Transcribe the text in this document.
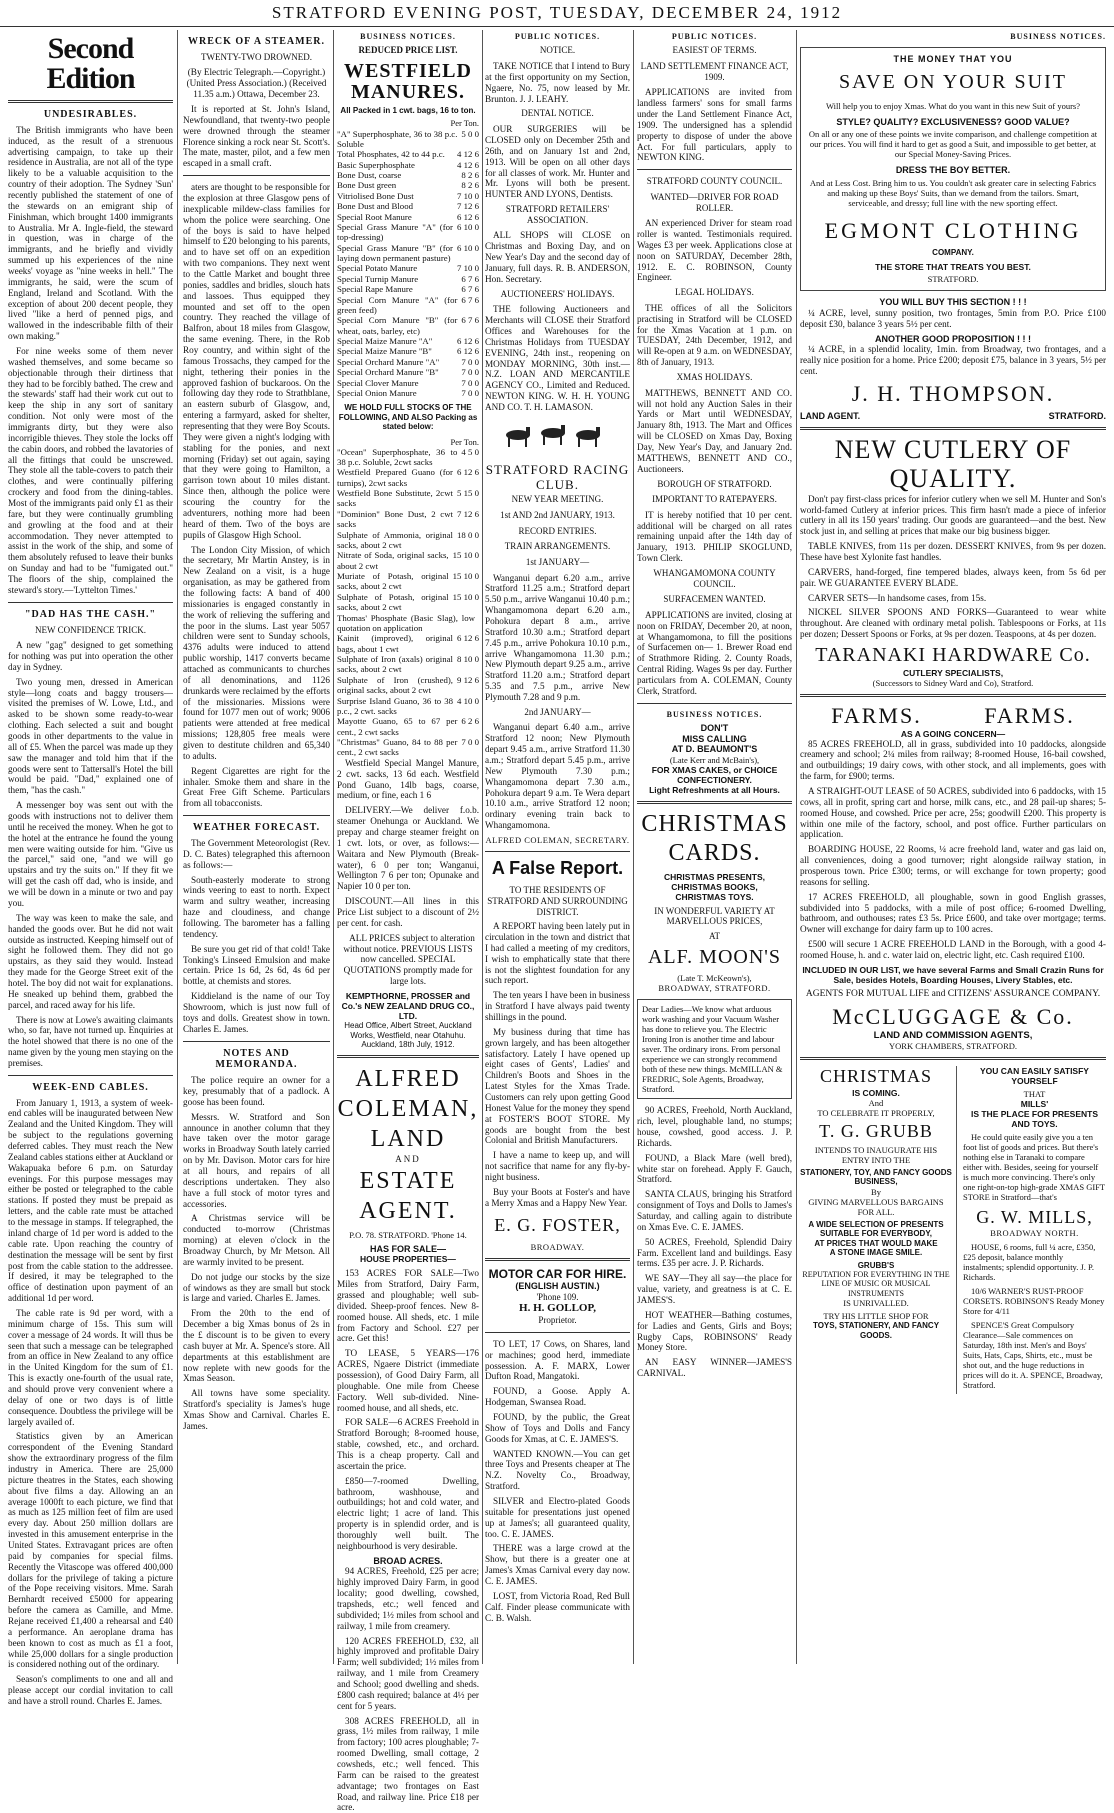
STRATFORD EVENING POST, TUESDAY, DECEMBER 24, 1912
Second Edition
UNDESIRABLES.

The British immigrants who have been induced, as the result of a strenuous advertising campaign, to take up their residence in Australia, are not all of the type likely to be a valuable acquisition to the country of their adoption. The Sydney 'Sun' recently published the statement of one of the stewards on an emigrant ship of Finishman, which brought 1400 immigrants to Australia. Mr A. Ingle-field, the steward in question, was in charge of the immigrants, and he briefly and vividly summed up his experiences of the nine weeks' voyage as "nine weeks in hell." The immigrants, he said, were the scum of England, Ireland and Scotland. With the exception of about 200 decent people, they lived "like a herd of penned pigs, and wallowed in the indescribable filth of their own making."

For nine weeks some of them never washed themselves, and some became so objectionable through their dirtiness that they had to be forcibly bathed. The crew and the stewards' staff had their work cut out to keep the ship in any sort of sanitary condition. Not only were most of the immigrants dirty, but they were also incorrigible thieves. They stole the locks off the cabin doors, and robbed the lavatories of all the fittings that could be unscrewed. They stole all the table-covers to patch their clothes, and were continually pilfering crockery and food from the dining-tables. Most of the immigrants paid only £1 as their fare, but they were continually grumbling and growling at the food and at their accommodation. They never attempted to assist in the work of the ship, and some of them absolutely refused to leave their bunks on Sunday and had to be "fumigated out." The floors of the ship, complained the steward's story.—'Lyttelton Times.'

"DAD HAS THE CASH."
NEW CONFIDENCE TRICK.

A new "gag" designed to get something for nothing was put into operation the other day in Sydney.

Two young men, dressed in American style—long coats and baggy trousers—visited the premises of W. Lowe, Ltd., and asked to be shown some ready-to-wear clothing. Each selected a suit and bought goods in other departments to the value in all of £5. When the parcel was made up they saw the manager and told him that if the goods were sent to Tattersall's Hotel the bill would be paid. "Dad," explained one of them, "has the cash."

A messenger boy was sent out with the goods with instructions not to deliver them until he received the money. When he got to the hotel at the entrance he found the young men were waiting outside for him. "Give us the parcel," said one, "and we will go upstairs and try the suits on." If they fit we will get the cash off dad, who is inside, and we will be down in a minute or two and pay you.

The way was keen to make the sale, and handed the goods over. But he did not wait outside as instructed. Keeping himself out of sight he followed them. They did not go upstairs, as they said they would. Instead they made for the George Street exit of the hotel. The boy did not wait for explanations. He sneaked up behind them, grabbed the parcel, and raced away for his life.

There is now at Lowe's awaiting claimants who, so far, have not turned up. Enquiries at the hotel showed that there is no one of the name given by the young men staying on the premises.

WEEK-END CABLES.

From January 1, 1913, a system of week-end cables will be inaugurated between New Zealand and the United Kingdom. They will be subject to the regulations governing deferred cables. They must reach the New Zealand cables stations either at Auckland or Wakapuaka before 6 p.m. on Saturday evenings. For this purpose messages may either be posted or telegraphed to the cable stations. If posted they must be prepaid as letters, and the cable rate must be attached to the message in stamps. If telegraphed, the inland charge of 1d per word is added to the cable rate. Upon reaching the country of destination the message will be sent by first post from the cable station to the addressee. If desired, it may be telegraphed to the office of destination upon payment of an additional 1d per word.

The cable rate is 9d per word, with a minimum charge of 15s. This sum will cover a message of 24 words. It will thus be seen that such a message can be telegraphed from an office in New Zealand to any office in the United Kingdom for the sum of £1. This is exactly one-fourth of the usual rate, and should prove very convenient where a delay of one or two days is of little consequence. Doubtless the privilege will be largely availed of.

Statistics given by an American correspondent of the Evening Standard show the extraordinary progress of the film industry in America. There are 25,000 picture theatres in the States, each showing about five films a day. Allowing an an average 1000ft to each picture, we find that as much as 125 million feet of film are used every day. About 250 million dollars are invested in this amusement enterprise in the United States. Extravagant prices are often paid by companies for special films. Recently the Vitascope was offered 400,000 dollars for the privilege of taking a picture of the Pope receiving visitors. Mme. Sarah Bernhardt received £5000 for appearing before the camera as Camille, and Mme. Rejane received £1,400 a rehearsal and £40 a performance. An aeroplane drama has been known to cost as much as £1 a foot, while 25,000 dollars for a single production is considered nothing out of the ordinary.

Season's compliments to one and all and please accept our cordial invitation to call and have a stroll round. Charles E. James.

WRECK OF A STEAMER.
TWENTY-TWO DROWNED.

(By Electric Telegraph.—Copyright.) (United Press Association.) (Received 11.35 a.m.) Ottawa, December 23.

It is reported at St. John's Island, Newfoundland, that twenty-two people were drowned through the steamer Florence sinking a rock near St. Scott's. The mate, master, pilot, and a few men escaped in a small craft.

aters are thought to be responsible for the explosion at three Glasgow pens of inexplicable mildew-class families for whom the police were searching. One of the boys is said to have helped himself to £20 belonging to his parents, and to have set off on an expedition with two companions. They next went to the Cattle Market and bought three ponies, saddles and bridles, slouch hats and lassoes. Thus equipped they mounted and set off to the open country. They reached the village of Balfron, about 18 miles from Glasgow, the same evening. There, in the Rob Roy country, and within sight of the famous Trossachs, they camped for the night, tethering their ponies in the approved fashion of buckaroos. On the following day they rode to Strathblane, an eastern suburb of Glasgow, and, entering a farmyard, asked for shelter, representing that they were Boy Scouts. They were given a night's lodging with stabling for the ponies, and next morning (Friday) set out again, saying that they were going to Hamilton, a garrison town about 10 miles distant. Since then, although the police were scouring the country for the adventurers, nothing more had been heard of them. Two of the boys are pupils of Glasgow High School.

The London City Mission, of which the secretary, Mr Martin Anstey, is in New Zealand on a visit, is a huge organisation, as may be gathered from the following facts: A band of 400 missionaries is engaged constantly in the work of relieving the suffering and the poor in the slums. Last year 5057 children were sent to Sunday schools, 4376 adults were induced to attend public worship, 1417 converts became attached as communicants to churches of all denominations, and 1126 drunkards were reclaimed by the efforts of the missionaries. Missions were found for 1077 men out of work; 9006 patients were attended at free medical missions; 128,805 free meals were given to destitute children and 65,340 to adults.

Regent Cigarettes are right for the inhaler. Smoke them and share in the Great Free Gift Scheme. Particulars from all tobacconists.

WEATHER FORECAST.

The Government Meteorologist (Rev. D. C. Bates) telegraphed this afternoon as follows:—

South-easterly moderate to strong winds veering to east to north. Expect warm and sultry weather, increasing haze and cloudiness, and change following. The barometer has a falling tendency.

Be sure you get rid of that cold! Take Tonking's Linseed Emulsion and make certain. Price 1s 6d, 2s 6d, 4s 6d per bottle, at chemists and stores.

Kiddieland is the name of our Toy Showroom, which is just now full of toys and dolls. Greatest show in town. Charles E. James.

NOTES AND MEMORANDA.

The police require an owner for a key, presumably that of a padlock. A goose has been found.

Messrs. W. Stratford and Son announce in another column that they have taken over the motor garage works in Broadway South lately carried on by Mr. Davison. Motor cars for hire at all hours, and repairs of all descriptions undertaken. They also have a full stock of motor tyres and accessories.

A Christmas service will be conducted to-morrow (Christmas morning) at eleven o'clock in the Broadway Church, by Mr Metson. All are warmly invited to be present.

Do not judge our stocks by the size of windows as they are small but stock is large and varied. Charles E. James.

From the 20th to the end of December a big Xmas bonus of 2s in the £ discount is to be given to every cash buyer at Mr. A. Spence's store. All departments at this establishment are now replete with new goods for the Xmas Season.

All towns have some speciality. Stratford's speciality is James's huge Xmas Show and Carnival. Charles E. James.

BUSINESS NOTICES.
REDUCED PRICE LIST.
WESTFIELD MANURES.
All Packed in 1 cwt. bags, 16 to ton.
Per Ton.
"A" Superphosphate, 36 to 38 p.c. Soluble
5 0 0
Total Phosphates, 42 to 44 p.c. 4 12 6
Basic Superphosphate	4 12 6
Bone Dust, coarse	8 2 6
Bone Dust green	8 2 6
Vitriolised Bone Dust	7 10 0
Bone Dust and Blood	7 12 6
Special Root Manure	6 12 6
Special Grass Manure "A" (for top-dressing)
6 10 0
Special Grass Manure "B" (for laying down permanent pasture)
6 10 0
Special Potato Manure	7 10 0
Special Turnip Manure	6 7 6
Special Rape Manure	6 7 6
Special Corn Manure "A" (for green feed)
6 7 6
Special Corn Manure "B" (for wheat, oats, barley, etc)
6 7 6
Special Maize Manure "A"	6 12 6
Special Maize Manure "B"	6 12 6
Special Orchard Manure "A"	7 0 0
Special Orchard Manure "B"	7 0 0
Special Clover Manure	7 0 0
Special Onion Manure	7 0 0
WE HOLD FULL STOCKS OF THE FOLLOWING, AND ALSO Packing as stated below:
Per Ton.
"Ocean" Superphosphate, 36 to 38 p.c. Soluble, 2cwt sacks
4 5 0
Westfield Prepared Guano (for turnips), 2cwt sacks
6 12 6
Westfield Bone Substitute, 2cwt sacks
5 15 0
"Dominion" Bone Dust, 2 cwt sacks
7 12 6
Sulphate of Ammonia, original sacks, about 2 cwt
18 0 0
Nitrate of Soda, original sacks, about 2 cwt
15 10 0
Muriate of Potash, original sacks, about 2 cwt
15 10 0
Sulphate of Potash, original sacks, about 2 cwt
15 10 0
Thomas' Phosphate (Basic Slag), low quotation on application
Kainit (improved), original bags, about 1 cwt
6 12 6
Sulphate of Iron (axals) original sacks, about 2 cwt
8 10 0
Sulphate of Iron (crushed), original sacks, about 2 cwt
9 12 6
Surprise Island Guano, 36 to 38 p.c., 2 cwt. sacks
4 10 0
Mayotte Guano, 65 to 67 per cent., 2 cwt sacks
6 2 6
"Christmas" Guano, 84 to 88 per cent., 2 cwt sacks
7 0 0

Westfield Special Mangel Manure, 2 cwt. sacks, 13 6d each. Westfield Pond Guano, 14lb bags, coarse, medium, or fine, each 1 6

DELIVERY.—We deliver f.o.b. steamer Onehunga or Auckland. We prepay and charge steamer freight on 1 cwt. lots, or over, as follows:—Waitara and New Plymouth (Break-water), 6 0 per ton; Wanganui, Wellington 7 6 per ton; Opunake and Napier 10 0 per ton.

DISCOUNT.—All lines in this Price List subject to a discount of 2½ per cent. for cash.

ALL PRICES subject to alteration without notice. PREVIOUS LISTS now cancelled. SPECIAL QUOTATIONS promptly made for large lots.

KEMPTHORNE, PROSSER and Co.'s NEW ZEALAND DRUG CO., LTD.
Head Office, Albert Street, Auckland Works, Westfield, near Otahuhu. Auckland, 18th July, 1912.
ALFRED
COLEMAN,
LAND
AND
ESTATE
AGENT.
P.O. 78. STRATFORD. 'Phone 14.
HAS FOR SALE—
HOUSE PROPERTIES—

153 ACRES FOR SALE—Two Miles from Stratford, Dairy Farm, grassed and ploughable; well sub-divided. Sheep-proof fences. New 8-roomed house. All sheds, etc. 1 mile from Factory and School. £27 per acre. Get this!

TO LEASE, 5 YEARS—176 ACRES, Ngaere District (immediate possession), of Good Dairy Farm, all ploughable. One mile from Cheese Factory. Well sub-divided. Nine-roomed house, and all sheds, etc.

FOR SALE—6 ACRES Freehold in Stratford Borough; 8-roomed house, stable, cowshed, etc., and orchard. This is a cheap property. Call and ascertain the price.

£850—7-roomed Dwelling, bathroom, washhouse, and outbuildings; hot and cold water, and electric light; 1 acre of land. This property is in splendid order, and is thoroughly well built. The neighbourhood is very desirable.

BROAD ACRES.

94 ACRES, Freehold, £25 per acre; highly improved Dairy Farm, in good locality; good dwelling, cowshed, trapsheds, etc.; well fenced and subdivided; 1½ miles from school and railway, 1 mile from creamery.

120 ACRES FREEHOLD, £32, all highly improved and profitable Dairy Farm; well subdivided; 1½ miles from railway, and 1 mile from Creamery and School; good dwelling and sheds. £800 cash required; balance at 4½ per cent for 5 years.

308 ACRES FREEHOLD, all in grass, 1½ miles from railway, 1 mile from factory; 100 acres ploughable; 7-roomed Dwelling, small cottage, 2 cowsheds, etc.; well fenced. This Farm can be raised to the greatest advantage; two frontages on East Road, and railway line. Price £18 per acre.

PUBLIC NOTICES.
NOTICE.

TAKE NOTICE that I intend to Bury at the first opportunity on my Section, Ngaere, No. 75, now leased by Mr. Brunton. J. J. LEAHY.

DENTAL NOTICE.

OUR SURGERIES will be CLOSED only on December 25th and 26th, and on January 1st and 2nd, 1913. Will be open on all other days for all classes of work. Mr. Hunter and Mr. Lyons will both be present. HUNTER AND LYONS, Dentists.

STRATFORD RETAILERS' ASSOCIATION.

ALL SHOPS will CLOSE on Christmas and Boxing Day, and on New Year's Day and the second day of January, full days. R. B. ANDERSON, Hon. Secretary.

AUCTIONEERS' HOLIDAYS.

THE following Auctioneers and Merchants will CLOSE their Stratford Offices and Warehouses for the Christmas Holidays from TUESDAY EVENING, 24th inst., reopening on MONDAY MORNING, 30th inst.— N.Z. LOAN AND MERCANTILE AGENCY CO., Limited and Reduced. NEWTON KING. W. H. H. YOUNG AND CO. T. H. LAMASON.

STRATFORD RACING CLUB.
NEW YEAR MEETING.
1st AND 2nd JANUARY, 1913.
RECORD ENTRIES.
TRAIN ARRANGEMENTS.
1st JANUARY—

Wanganui depart 6.20 a.m., arrive Stratford 11.25 a.m.; Stratford depart 5.50 p.m., arrive Wanganui 10.40 p.m.; Whangamomona depart 6.20 a.m., Pohokura depart 8 a.m., arrive Stratford 10.30 a.m.; Stratford depart 7.45 p.m., arrive Pohokura 10.10 p.m., arrive Whangamomona 11.30 p.m.; New Plymouth depart 9.25 a.m., arrive Stratford 11.20 a.m.; Stratford depart 5.35 and 7.5 p.m., arrive New Plymouth 7.28 and 9 p.m.

2nd JANUARY—

Wanganui depart 6.40 a.m., arrive Stratford 12 noon; New Plymouth depart 9.45 a.m., arrive Stratford 11.30 a.m.; Stratford depart 5.45 p.m., arrive New Plymouth 7.30 p.m.; Whangamomona depart 7.30 a.m., Pohokura depart 9 a.m. Te Wera depart 10.10 a.m., arrive Stratford 12 noon; ordinary evening train back to Whangamomona.

ALFRED COLEMAN, SECRETARY.
A False Report.
TO THE RESIDENTS OF STRATFORD AND SURROUNDING DISTRICT.

A REPORT having been lately put in circulation in the town and district that I had called a meeting of my creditors, I wish to emphatically state that there is not the slightest foundation for any such report.

The ten years I have been in business in Stratford I have always paid twenty shillings in the pound.

My business during that time has grown largely, and has been altogether satisfactory. Lately I have opened up eight cases of Gents', Ladies' and Children's Boots and Shoes in the Latest Styles for the Xmas Trade. Customers can rely upon getting Good Honest Value for the money they spend at FOSTER'S BOOT STORE. My goods are bought from the best Colonial and British Manufacturers.

I have a name to keep up, and will not sacrifice that name for any fly-by-night business.

Buy your Boots at Foster's and have a Merry Xmas and a Happy New Year.

E. G. FOSTER,
BROADWAY.
MOTOR CAR FOR HIRE.
(ENGLISH AUSTIN.)
'Phone 109.
H. H. GOLLOP,
Proprietor.

TO LET, 17 Cows, on Shares, land or machines; good herd, immediate possession. A. F. MARX, Lower Dufton Road, Mangatoki.

FOUND, a Goose. Apply A. Hodgeman, Swansea Road.

FOUND, by the public, the Great Show of Toys and Dolls and Fancy Goods for Xmas, at C. E. JAMES'S.

WANTED KNOWN.—You can get three Toys and Presents cheaper at The N.Z. Novelty Co., Broadway, Stratford.

SILVER and Electro-plated Goods suitable for presentations just opened up at James's; all guaranteed quality, too. C. E. JAMES.

THERE was a large crowd at the Show, but there is a greater one at James's Xmas Carnival every day now. C. E. JAMES.

LOST, from Victoria Road, Red Bull Calf. Finder please communicate with C. B. Walsh.

PUBLIC NOTICES.
EASIEST OF TERMS.
LAND SETTLEMENT FINANCE ACT, 1909.

APPLICATIONS are invited from landless farmers' sons for small farms under the Land Settlement Finance Act, 1909. The undersigned has a splendid property to dispose of under the above Act. For full particulars, apply to NEWTON KING.

STRATFORD COUNTY COUNCIL.
WANTED—DRIVER FOR ROAD ROLLER.

AN experienced Driver for steam road roller is wanted. Testimonials required. Wages £3 per week. Applications close at noon on SATURDAY, December 28th, 1912. E. C. ROBINSON, County Engineer.

LEGAL HOLIDAYS.

THE offices of all the Solicitors practising in Stratford will be CLOSED for the Xmas Vacation at 1 p.m. on TUESDAY, 24th December, 1912, and will Re-open at 9 a.m. on WEDNESDAY, 8th of January, 1913.

XMAS HOLIDAYS.

MATTHEWS, BENNETT AND CO. will not hold any Auction Sales in their Yards or Mart until WEDNESDAY, January 8th, 1913. The Mart and Offices will be CLOSED on Xmas Day, Boxing Day, New Year's Day, and January 2nd. MATTHEWS, BENNETT AND CO., Auctioneers.

BOROUGH OF STRATFORD.
IMPORTANT TO RATEPAYERS.

IT is hereby notified that 10 per cent. additional will be charged on all rates remaining unpaid after the 14th day of January, 1913. PHILIP SKOGLUND, Town Clerk.

WHANGAMOMONA COUNTY COUNCIL.
SURFACEMEN WANTED.

APPLICATIONS are invited, closing at noon on FRIDAY, December 20, at noon, at Whangamomona, to fill the positions of Surfacemen on— 1. Brewer Road end of Strathmore Riding. 2. County Roads, Central Riding. Wages 9s per day. Further particulars from A. COLEMAN, County Clerk, Stratford.

BUSINESS NOTICES.
DON'T
MISS CALLING
AT D. BEAUMONT'S
(Late Kerr and McBain's),
FOR XMAS CAKES, or CHOICE CONFECTIONERY.
Light Refreshments at all Hours.
CHRISTMAS
CARDS.
CHRISTMAS PRESENTS,
CHRISTMAS BOOKS,
CHRISTMAS TOYS.
IN WONDERFUL VARIETY AT MARVELLOUS PRICES,
AT
ALF. MOON'S
(Late T. McKeown's),
BROADWAY, STRATFORD.
Dear Ladies—We know what arduous work washing and your Vacuum Washer has done to relieve you. The Electric Ironing Iron is another time and labour saver. The ordinary irons. From personal experience we can strongly recommend both of these new things. McMILLAN & FREDRIC, Sole Agents, Broadway, Stratford.

90 ACRES, Freehold, North Auckland, rich, level, ploughable land, no stumps; house, cowshed, good access. J. P. Richards.

FOUND, a Black Mare (well bred), white star on forehead. Apply F. Gauch, Stratford.

SANTA CLAUS, bringing his Stratford consignment of Toys and Dolls to James's Saturday, and calling again to distribute on Xmas Eve. C. E. JAMES.

50 ACRES, Freehold, Splendid Dairy Farm. Excellent land and buildings. Easy terms. £35 per acre. J. P. Richards.

WE SAY—They all say—the place for value, variety, and greatness is at C. E. JAMES'S.

HOT WEATHER—Bathing costumes, for Ladies and Gents, Girls and Boys; Rugby Caps, ROBINSONS' Ready Money Store.

AN EASY WINNER—JAMES'S CARNIVAL.

BUSINESS NOTICES.
THE MONEY THAT YOU
SAVE ON YOUR SUIT
Will help you to enjoy Xmas. What do you want in this new Suit of yours?
STYLE? QUALITY? EXCLUSIVENESS? GOOD VALUE?
On all or any one of these points we invite comparison, and challenge competition at our prices. You will find it hard to get as good a Suit, and impossible to get better, at our Special Money-Saving Prices.
DRESS THE BOY BETTER.
And at Less Cost. Bring him to us. You couldn't ask greater care in selecting Fabrics and making up these Boys' Suits, than we demand from the tailors. Smart, serviceable, and dressy; full line with the new sporting effect.
EGMONT CLOTHING
COMPANY.
THE STORE THAT TREATS YOU BEST.
STRATFORD.
YOU WILL BUY THIS SECTION ! ! !

¼ ACRE, level, sunny position, two frontages, 5min from P.O. Price £100 deposit £30, balance 3 years 5½ per cent.

ANOTHER GOOD PROPOSITION ! ! !

¼ ACRE, in a splendid locality, 1min. from Broadway, two frontages, and a really nice position for a home. Price £200; deposit £75, balance in 3 years, 5½ per cent.

J. H. THOMPSON.
LAND AGENT.	STRATFORD.
NEW CUTLERY OF QUALITY.

Don't pay first-class prices for inferior cutlery when we sell M. Hunter and Son's world-famed Cutlery at inferior prices. This firm hasn't made a piece of inferior cutlery in all its 150 years' trading. Our goods are guaranteed—and the best. New stock just in, and selling at prices that make our big business bigger.

TABLE KNIVES, from 11s per dozen. DESSERT KNIVES, from 9s per dozen. These have best Xylonite fast handles.

CARVERS, hand-forged, fine tempered blades, always keen, from 5s 6d per pair. WE GUARANTEE EVERY BLADE.

CARVER SETS—In handsome cases, from 15s.

NICKEL SILVER SPOONS AND FORKS—Guaranteed to wear white throughout. Are cleaned with ordinary metal polish. Tablespoons or Forks, at 11s per dozen; Dessert Spoons or Forks, at 9s per dozen. Teaspoons, at 4s per dozen.

TARANAKI HARDWARE Co.
CUTLERY SPECIALISTS,
(Successors to Sidney Ward and Co), Stratford.
FARMS.	FARMS.
AS A GOING CONCERN—

85 ACRES FREEHOLD, all in grass, subdivided into 10 paddocks, alongside creamery and school; 2¼ miles from railway; 8-roomed House, 16-bail cowshed, and outbuildings; 19 dairy cows, with other stock, and all implements, goes with the farm, for £900; terms.

A STRAIGHT-OUT LEASE of 50 ACRES, subdivided into 6 paddocks, with 15 cows, all in profit, spring cart and horse, milk cans, etc., and 28 pail-up shares; 5-roomed House, and cowshed. Price per acre, 25s; goodwill £200. This property is within one mile of the factory, school, and post office. Further particulars on application.

BOARDING HOUSE, 22 Rooms, ¼ acre freehold land, water and gas laid on, all conveniences, doing a good turnover; right alongside railway station, in prosperous town. Price £300; terms, or will exchange for town property; good reasons for selling.

17 ACRES FREEHOLD, all ploughable, sown in good English grasses, subdivided into 5 paddocks, with a mile of post office; 6-roomed Dwelling, bathroom, and outhouses; rates £3 5s. Price £600, and take over mortgage; terms. Owner will exchange for dairy farm up to 100 acres.

£500 will secure 1 ACRE FREEHOLD LAND in the Borough, with a good 4-roomed House, h. and c. water laid on, electric light, etc. Cash required £100.

INCLUDED IN OUR LIST, we have several Farms and Small Crazin Runs for Sale, besides Hotels, Boarding Houses, Livery Stables, etc.
AGENTS FOR MUTUAL LIFE and CITIZENS' ASSURANCE COMPANY.
McCLUGGAGE & Co.
LAND AND COMMISSION AGENTS,
YORK CHAMBERS, STRATFORD.
CHRISTMAS
IS COMING.
And
TO CELEBRATE IT PROPERLY,
T. G. GRUBB
INTENDS TO INAUGURATE HIS ENTRY INTO THE
STATIONERY, TOY, AND FANCY GOODS BUSINESS,
By
GIVING MARVELLOUS BARGAINS FOR ALL.
A WIDE SELECTION OF PRESENTS SUITABLE FOR EVERYBODY,
AT PRICES THAT WOULD MAKE
A STONE IMAGE SMILE.
GRUBB'S
REPUTATION FOR EVERYTHING IN THE LINE OF MUSIC OR MUSICAL INSTRUMENTS
IS UNRIVALLED.
TRY HIS LITTLE SHOP FOR
TOYS, STATIONERY, AND FANCY
GOODS.
YOU CAN EASILY SATISFY
YOURSELF
THAT
MILLS'
IS THE PLACE FOR PRESENTS AND TOYS.

He could quite easily give you a ten foot list of goods and prices. But there's nothing else in Taranaki to compare either with. Besides, seeing for yourself is much more convincing. There's only one right-on-top high-grade XMAS GIFT STORE in Stratford—that's

G. W. MILLS,
BROADWAY NORTH.

HOUSE, 6 rooms, full ¼ acre, £350, £25 deposit, balance monthly instalments; splendid opportunity. J. P. Richards.

10/6 WARNER'S RUST-PROOF CORSETS. ROBINSON'S Ready Money Store for 4/11

SPENCE'S Great Compulsory Clearance—Sale commences on Saturday, 18th inst. Men's and Boys' Suits, Hats, Caps, Shirts, etc., must be shot out, and the huge reductions in prices will do it. A. SPENCE, Broadway, Stratford.
